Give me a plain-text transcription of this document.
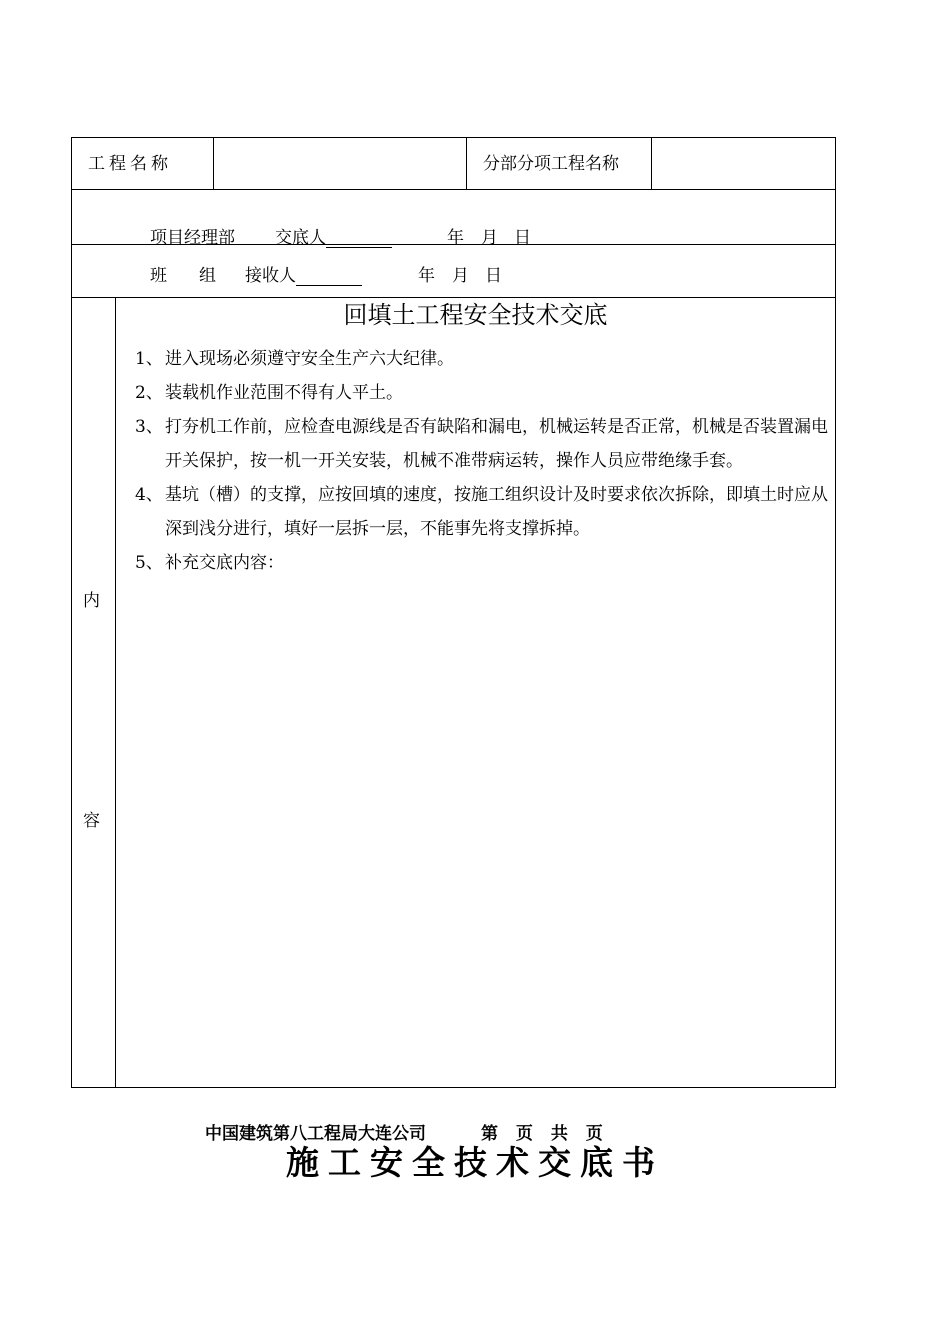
工程名称	分部分项工程名称
项目经理部 交底人	年 月 日
班 组 接收人	年 月 日
内
容
回填土工程安全技术交底

1、 进入现场必须遵守安全生产六大纪律。

2、 装载机作业范围不得有人平土。

3、 打夯机工作前，应检查电源线是否有缺陷和漏电，机械运转是否正常，机械是否装置漏电开关保护，按一机一开关安装，机械不准带病运转，操作人员应带绝缘手套。

4、 基坑（槽）的支撑，应按回填的速度，按施工组织设计及时要求依次拆除，即填土时应从深到浅分进行，填好一层拆一层，不能事先将支撑拆掉。

5、 补充交底内容：

中国建筑第八工程局大连公司	第 页 共 页
施工安全技术交底书
